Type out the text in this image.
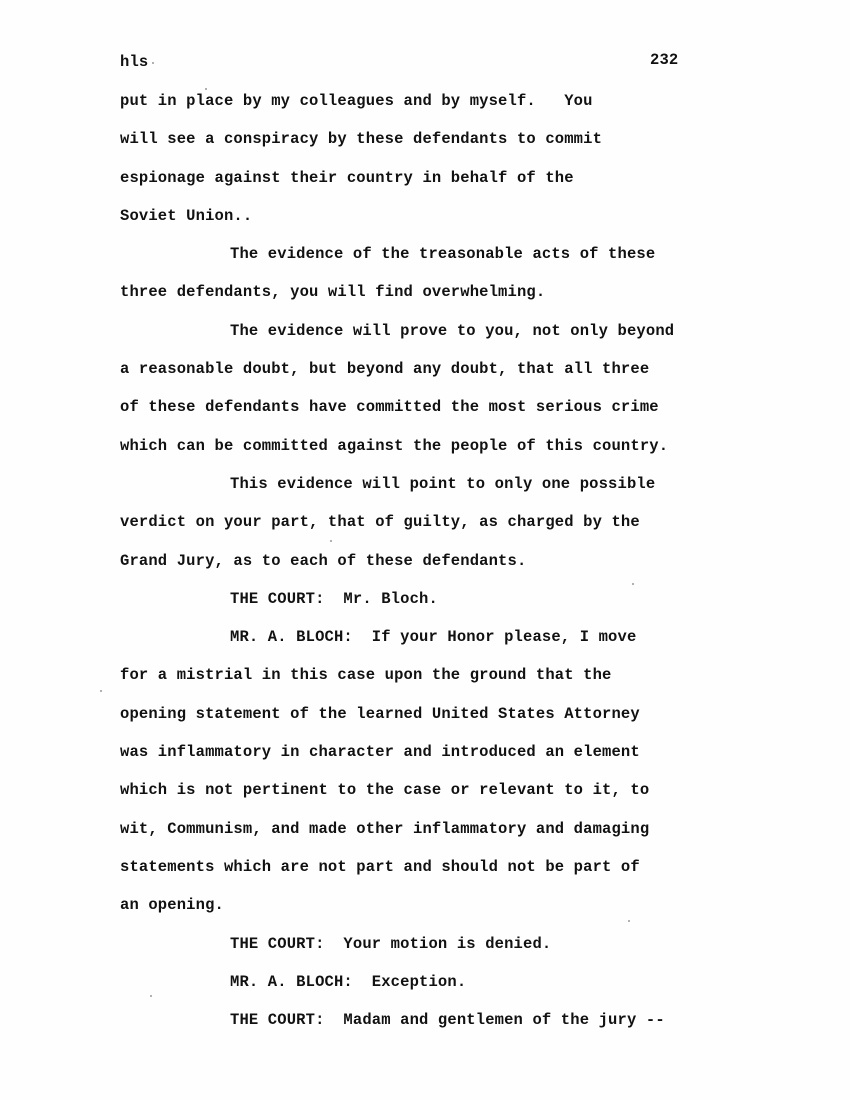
hls	232
put in place by my colleagues and by myself.   You
will see a conspiracy by these defendants to commit
espionage against their country in behalf of the
Soviet Union..
The evidence of the treasonable acts of these
three defendants, you will find overwhelming.
The evidence will prove to you, not only beyond
a reasonable doubt, but beyond any doubt, that all three
of these defendants have committed the most serious crime
which can be committed against the people of this country.
This evidence will point to only one possible
verdict on your part, that of guilty, as charged by the
Grand Jury, as to each of these defendants.
THE COURT:  Mr. Bloch.
MR. A. BLOCH:  If your Honor please, I move
for a mistrial in this case upon the ground that the
opening statement of the learned United States Attorney
was inflammatory in character and introduced an element
which is not pertinent to the case or relevant to it, to
wit, Communism, and made other inflammatory and damaging
statements which are not part and should not be part of
an opening.
THE COURT:  Your motion is denied.
MR. A. BLOCH:  Exception.
THE COURT:  Madam and gentlemen of the jury --
